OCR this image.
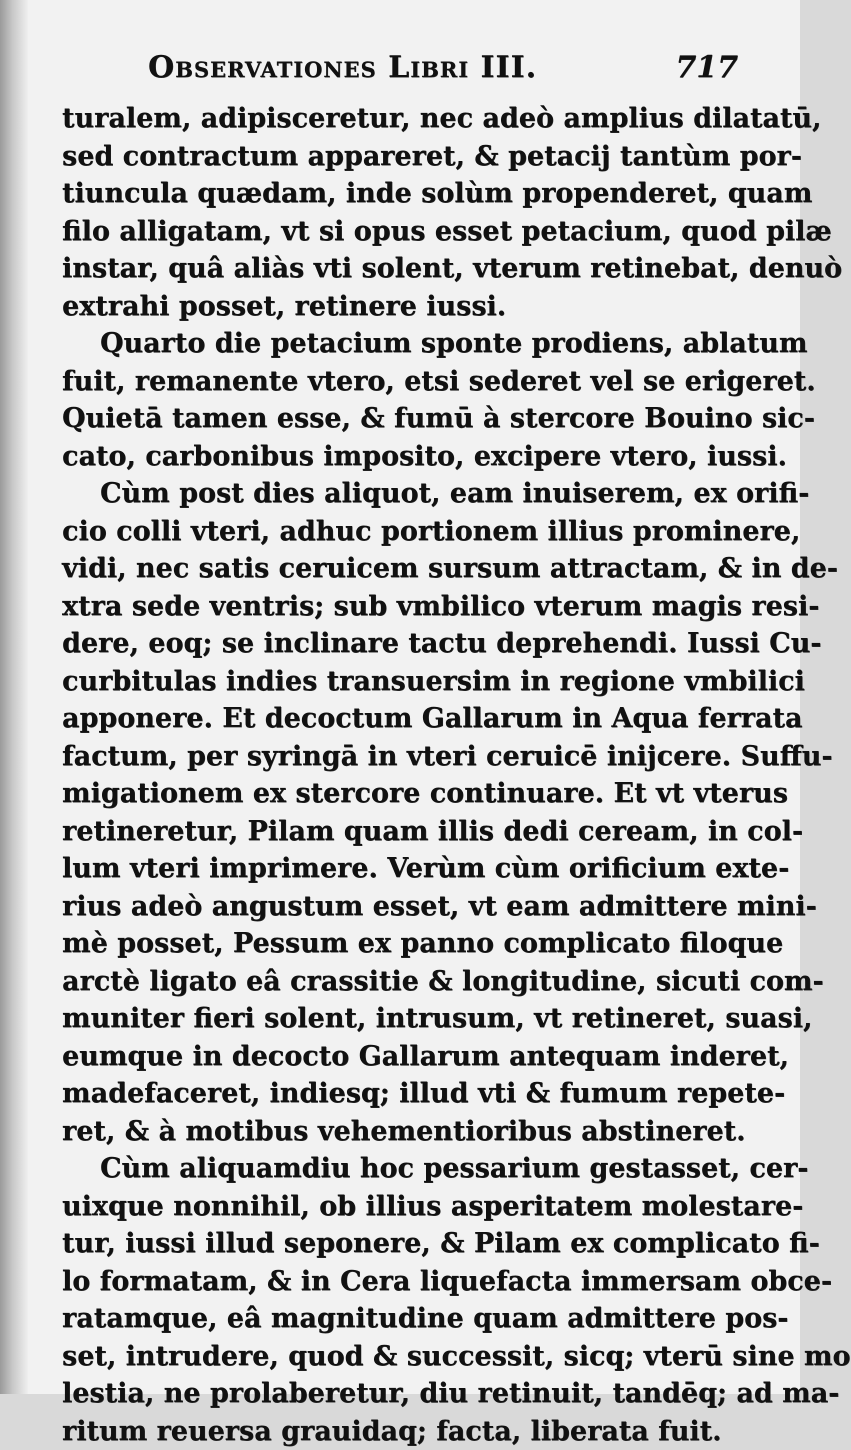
Observationes Libri III.	717
turalem, adipisceretur, nec adeò amplius dilatatū,
sed contractum appareret, & petacij tantùm por-
tiuncula quædam, inde solùm propenderet, quam
filo alligatam, vt si opus esset petacium, quod pilæ
instar, quâ aliàs vti solent, vterum retinebat, denuò
extrahi posset, retinere iussi.
Quarto die petacium sponte prodiens, ablatum
fuit, remanente vtero, etsi sederet vel se erigeret.
Quietā tamen esse, & fumū à stercore Bouino sic-
cato, carbonibus imposito, excipere vtero, iussi.
Cùm post dies aliquot, eam inuiserem, ex orifi-
cio colli vteri, adhuc portionem illius prominere,
vidi, nec satis ceruicem sursum attractam, & in de-
xtra sede ventris; sub vmbilico vterum magis resi-
dere, eoq; se inclinare tactu deprehendi. Iussi Cu-
curbitulas indies transuersim in regione vmbilici
apponere. Et decoctum Gallarum in Aqua ferrata
factum, per syringā in vteri ceruicē inijcere. Suffu-
migationem ex stercore continuare. Et vt vterus
retineretur, Pilam quam illis dedi ceream, in col-
lum vteri imprimere. Verùm cùm orificium exte-
rius adeò angustum esset, vt eam admittere mini-
mè posset, Pessum ex panno complicato filoque
arctè ligato eâ crassitie & longitudine, sicuti com-
muniter fieri solent, intrusum, vt retineret, suasi,
eumque in decocto Gallarum antequam inderet,
madefaceret, indiesq; illud vti & fumum repete-
ret, & à motibus vehementioribus abstineret.
Cùm aliquamdiu hoc pessarium gestasset, cer-
uixque nonnihil, ob illius asperitatem molestare-
tur, iussi illud seponere, & Pilam ex complicato fi-
lo formatam, & in Cera liquefacta immersam obce-
ratamque, eâ magnitudine quam admittere pos-
set, intrudere, quod & successit, sicq; vterū sine mo
lestia, ne prolaberetur, diu retinuit, tandēq; ad ma-
ritum reuersa grauidaq; facta, liberata fuit.
